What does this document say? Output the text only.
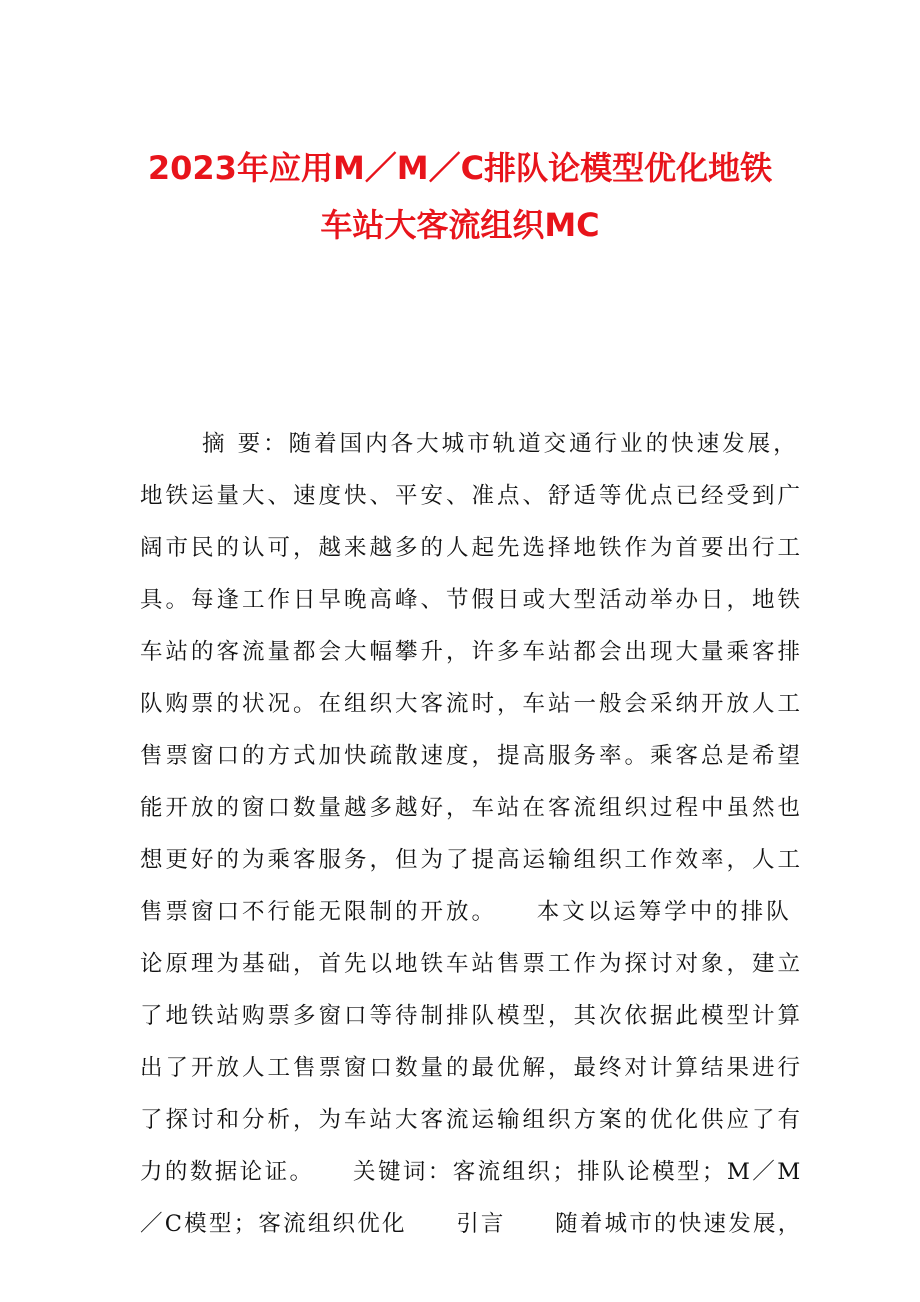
2023年应用M／M／C排队论模型优化地铁
车站大客流组织MC
摘 要：随着国内各大城市轨道交通行业的快速发展，
地铁运量大、速度快、平安、准点、舒适等优点已经受到广
阔市民的认可，越来越多的人起先选择地铁作为首要出行工
具。每逢工作日早晚高峰、节假日或大型活动举办日，地铁
车站的客流量都会大幅攀升，许多车站都会出现大量乘客排
队购票的状况。在组织大客流时，车站一般会采纳开放人工
售票窗口的方式加快疏散速度，提高服务率。乘客总是希望
能开放的窗口数量越多越好，车站在客流组织过程中虽然也
想更好的为乘客服务，但为了提高运输组织工作效率，人工
售票窗口不行能无限制的开放。　　本文以运筹学中的排队
论原理为基础，首先以地铁车站售票工作为探讨对象，建立
了地铁站购票多窗口等待制排队模型，其次依据此模型计算
出了开放人工售票窗口数量的最优解，最终对计算结果进行
了探讨和分析，为车站大客流运输组织方案的优化供应了有
力的数据论证。　　关键词：客流组织；排队论模型；M／M
／C模型；客流组织优化　　引言　　随着城市的快速发展，
